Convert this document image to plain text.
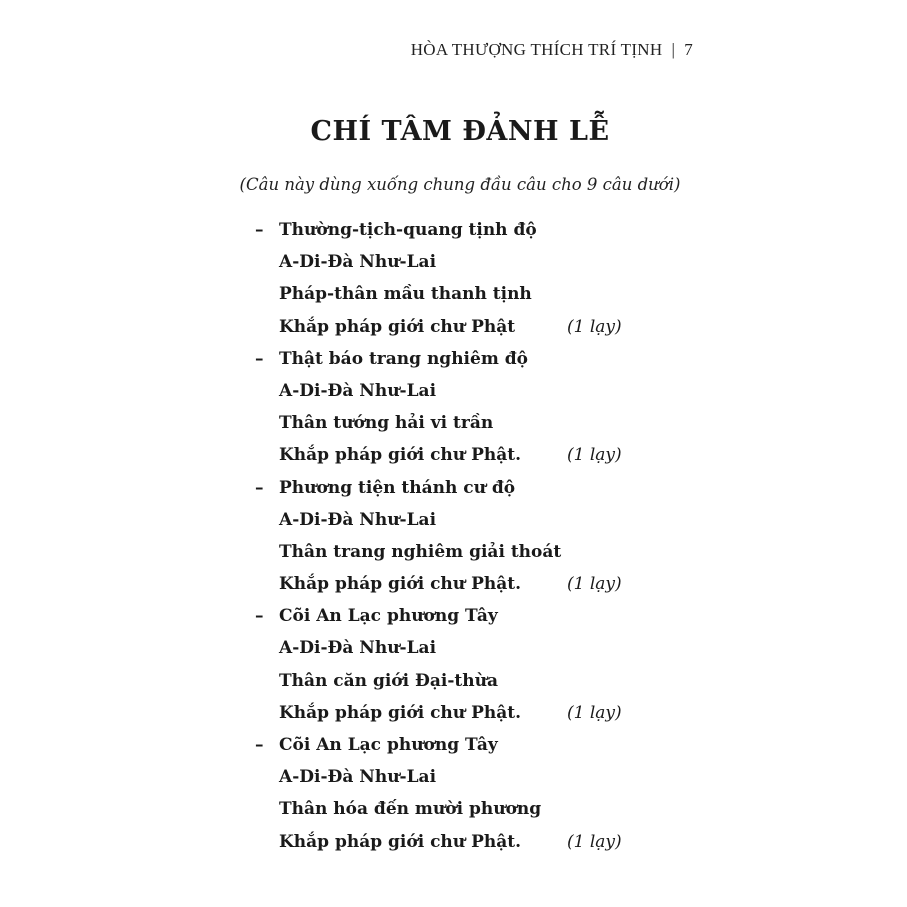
HÒA THƯỢNG THÍCH TRÍ TỊNH | 7
CHÍ TÂM ĐẢNH LỄ
(Câu này dùng xuống chung đầu câu cho 9 câu dưới)
– Thường-tịch-quang tịnh độ
A-Di-Đà Như-Lai
Pháp-thân mầu thanh tịnh
Khắp pháp giới chư Phật	(1 lạy)
– Thật báo trang nghiêm độ
A-Di-Đà Như-Lai
Thân tướng hải vi trần
Khắp pháp giới chư Phật.	(1 lạy)
– Phương tiện thánh cư độ
A-Di-Đà Như-Lai
Thân trang nghiêm giải thoát
Khắp pháp giới chư Phật.	(1 lạy)
– Cõi An Lạc phương Tây
A-Di-Đà Như-Lai
Thân căn giới Đại-thừa
Khắp pháp giới chư Phật.	(1 lạy)
– Cõi An Lạc phương Tây
A-Di-Đà Như-Lai
Thân hóa đến mười phương
Khắp pháp giới chư Phật.	(1 lạy)
